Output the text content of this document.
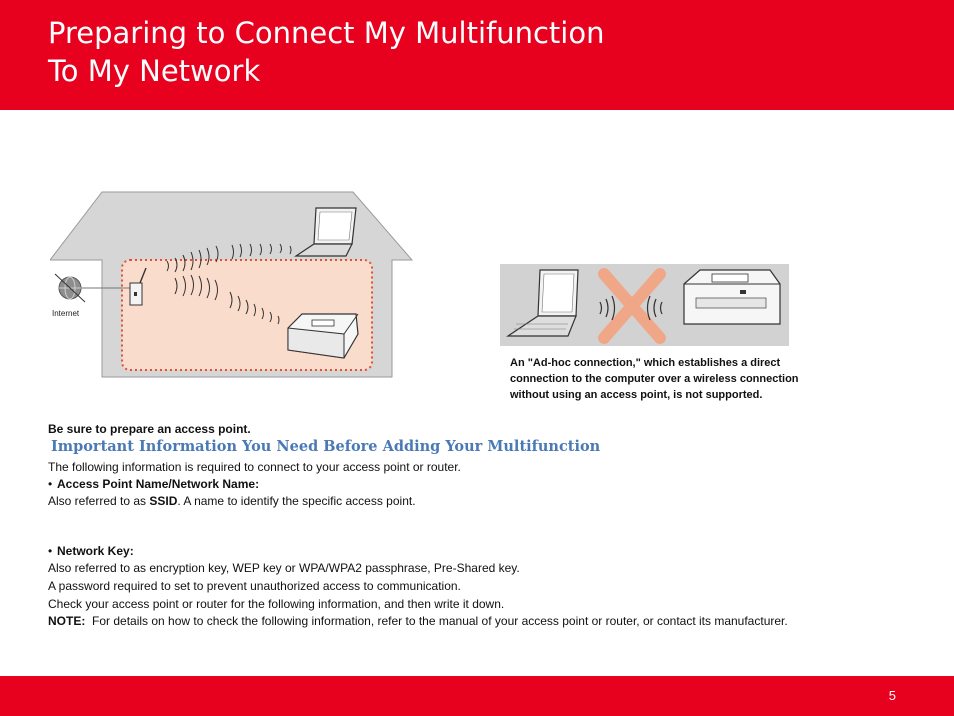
Preparing to Connect My Multifunction
To My Network
Internet
An "Ad-hoc connection," which establishes a direct
connection to the computer over a wireless connection
without using an access point, is not supported.
Be sure to prepare an access point.
Important Information You Need Before Adding Your Multifunction
The following information is required to connect to your access point or router.
• Access Point Name/Network Name:
Also referred to as SSID. A name to identify the specific access point.
• Network Key:
Also referred to as encryption key, WEP key or WPA/WPA2 passphrase, Pre-Shared key.
A password required to set to prevent unauthorized access to communication.
Check your access point or router for the following information, and then write it down.
NOTE: For details on how to check the following information, refer to the manual of your access point or router, or contact its manufacturer.
5
